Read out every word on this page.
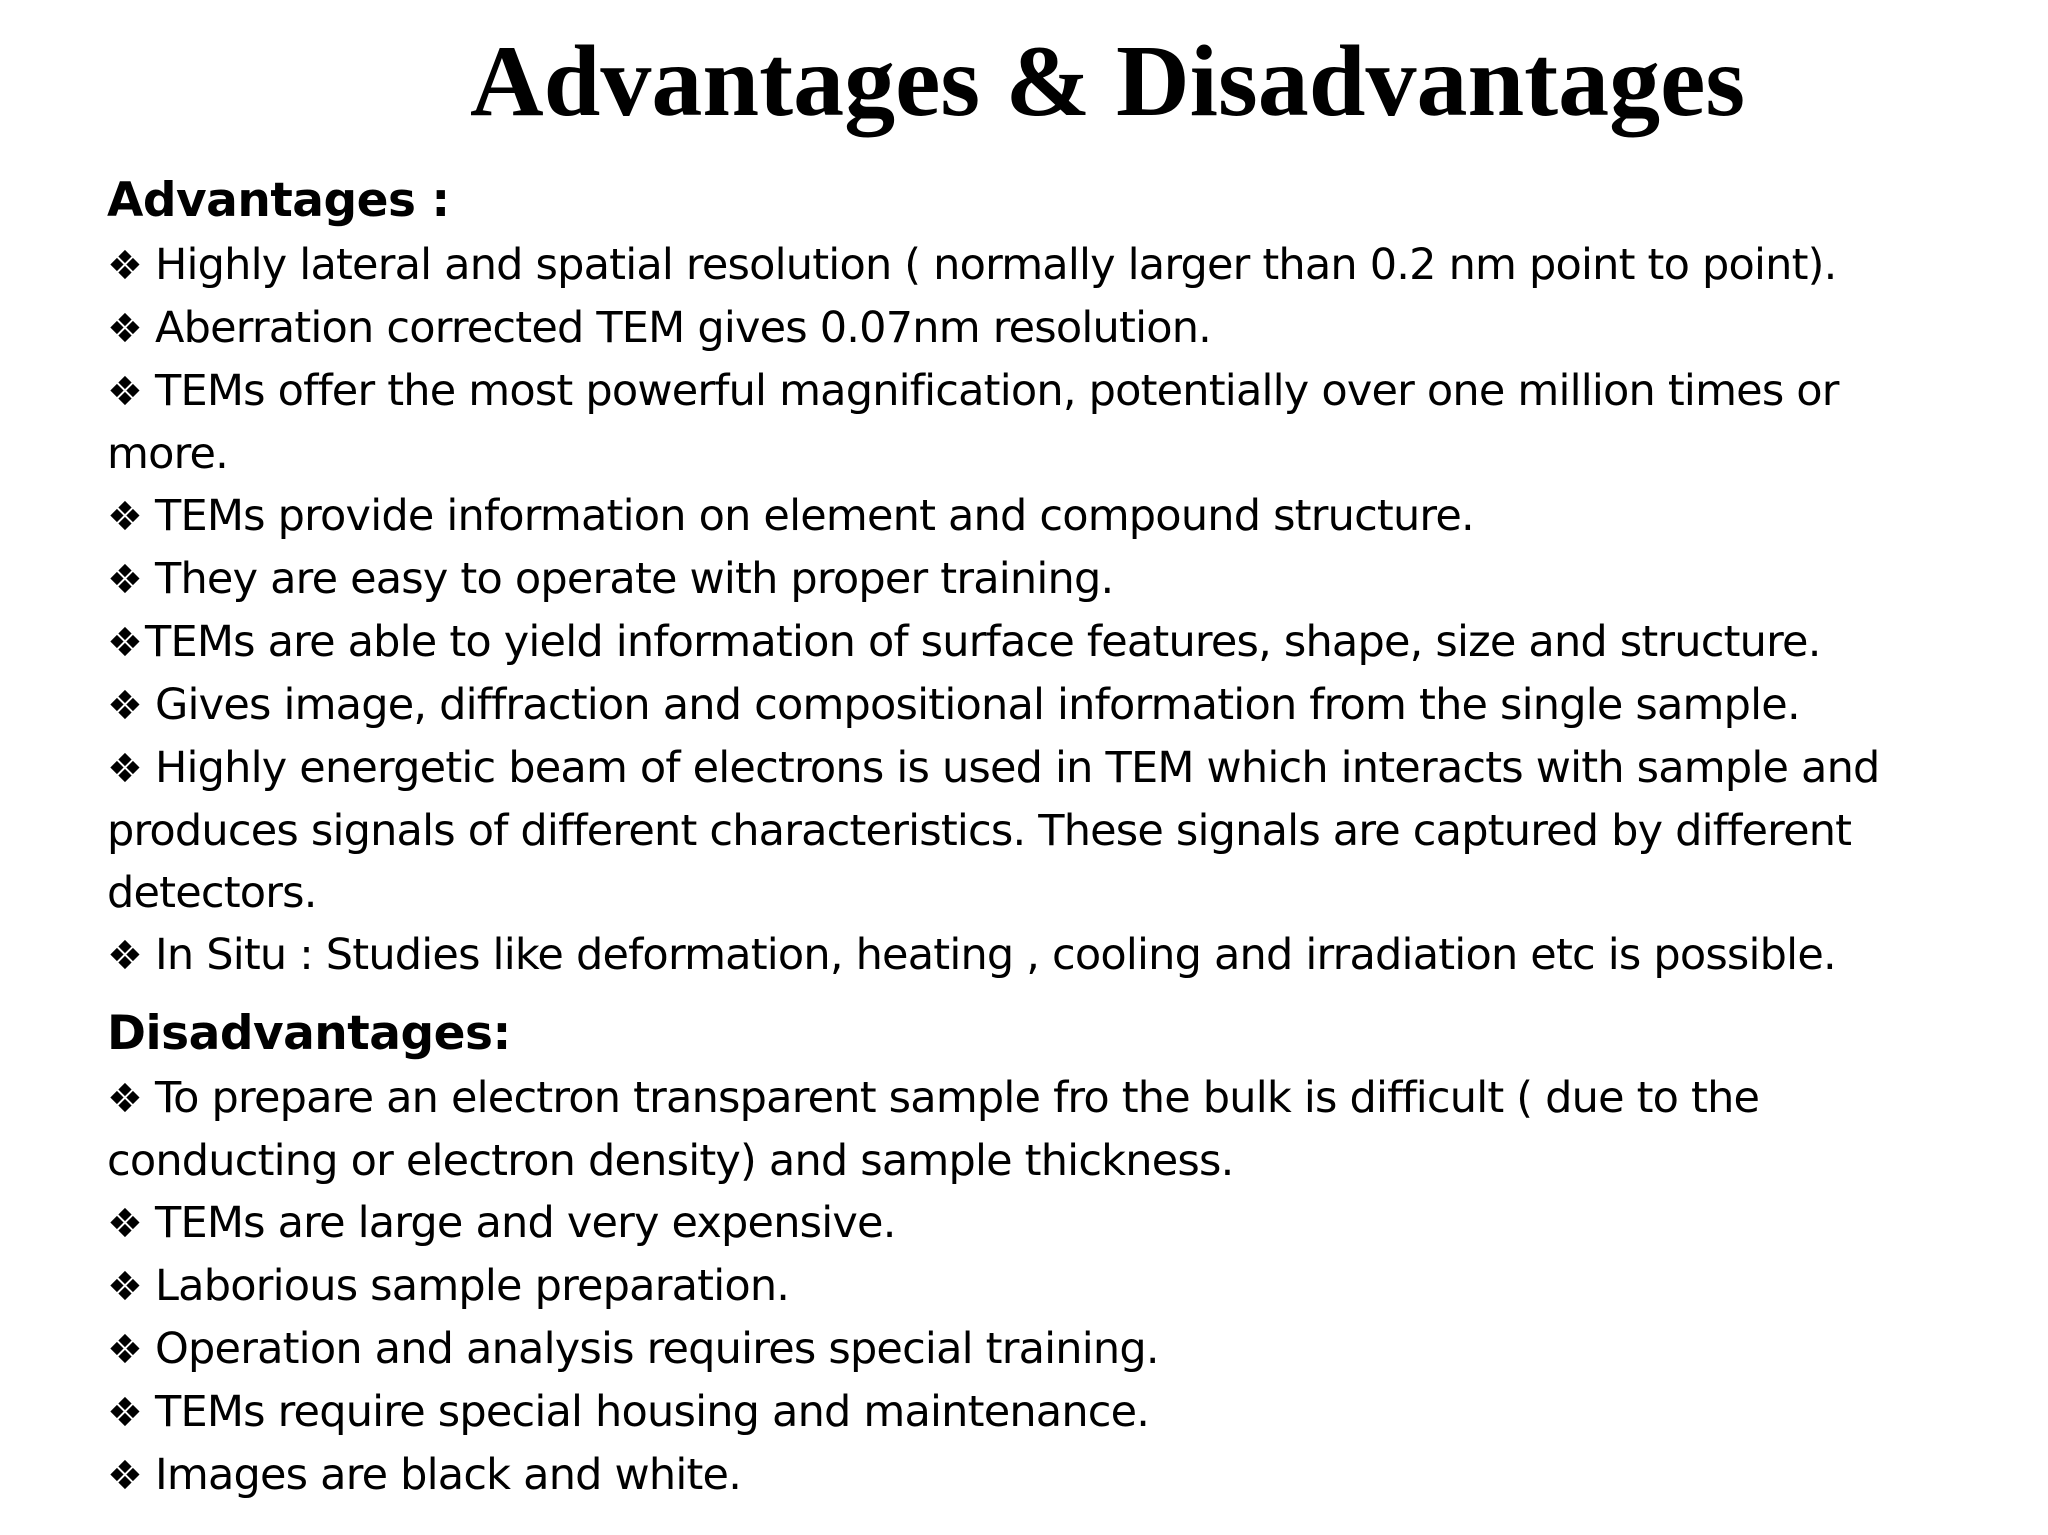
Advantages & Disadvantages
Advantages :
❖ Highly lateral and spatial resolution ( normally larger than 0.2 nm point to point).
❖ Aberration corrected TEM gives 0.07nm resolution.
❖ TEMs offer the most powerful magnification, potentially over one million times or more.
❖ TEMs provide information on element and compound structure.
❖ They are easy to operate with proper training.
❖TEMs are able to yield information of surface features, shape, size and structure.
❖ Gives image, diffraction and compositional information from the single sample.
❖ Highly energetic beam of electrons is used in TEM which interacts with sample and produces signals of different characteristics. These signals are captured by different detectors.
❖ In Situ : Studies like deformation, heating , cooling and irradiation etc is possible.
Disadvantages:
❖ To prepare an electron transparent sample fro the bulk is difficult ( due to the conducting or electron density) and sample thickness.
❖ TEMs are large and very expensive.
❖ Laborious sample preparation.
❖ Operation and analysis requires special training.
❖ TEMs require special housing and maintenance.
❖ Images are black and white.
